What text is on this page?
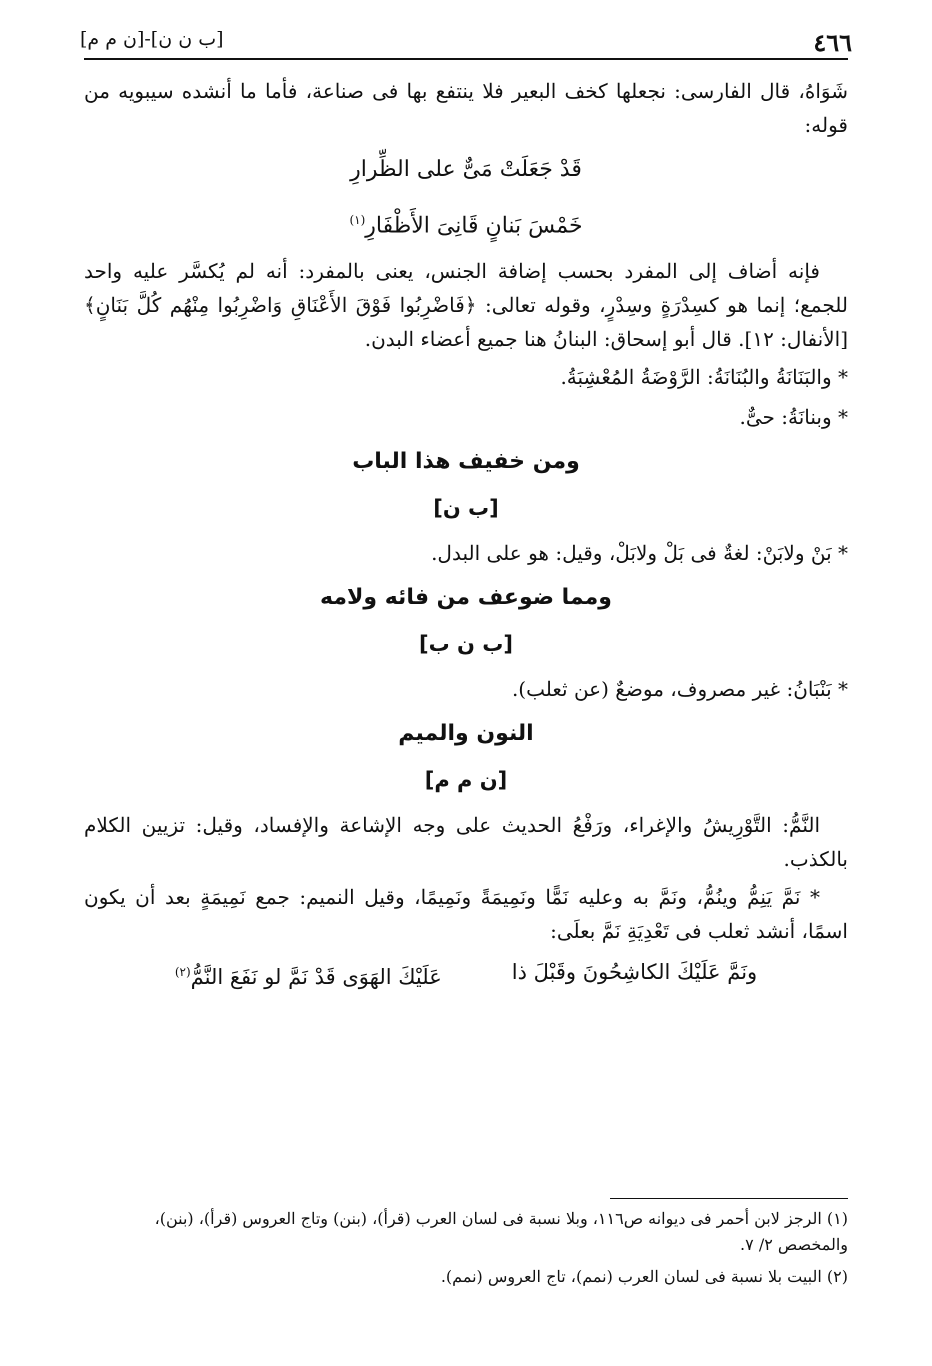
٤٦٦
[ب ن ن]-[ن م م]

شَوَاهُ، قال الفارسى: نجعلها كخف البعير فلا ينتفع بها فى صناعة، فأما ما أنشده سيبويه من قوله:

قَدْ جَعَلَتْ مَىٌّ على الظِّرارِ
خَمْسَ بَنانٍ قَانِىَ الأَظْفَارِ$^{(١)}$

فإنه أضاف إلى المفرد بحسب إضافة الجنس، يعنى بالمفرد: أنه لم يُكسَّر عليه واحد للجمع؛ إنما هو كسِدْرَةٍ وسِدْرٍ، وقوله تعالى: ﴿فَاضْرِبُوا فَوْقَ الأَعْنَاقِ وَاضْرِبُوا مِنْهُم كُلَّ بَنَانٍ﴾ [الأنفال: ١٢]. قال أبو إسحاق: البنانُ هنا جميع أعضاء البدن.

* والبَنَانَةُ والبُنَانَةُ: الرَّوْضَةُ المُعْشِبَةُ.

* وبنانَةُ: حىٌّ.

ومن خفيف هذا الباب
[ب ن]

* بَنْ ولابَنْ: لغةٌ فى بَلْ ولابَلْ، وقيل: هو على البدل.

ومما ضوعف من فائه ولامه
[ب ن ب]

* بَنْبَانُ: غير مصروف، موضعٌ (عن ثعلب).

النون والميم
[ن م م]

النَّمُّ: التَّوْرِيشُ والإغراء، ورَفْعُ الحديث على وجه الإشاعة والإفساد، وقيل: تزيين الكلام بالكذب.

* نَمَّ يَنِمُّ وينُمُّ، ونَمَّ به وعليه نَمًّا ونَمِيمَةً ونَمِيمًا، وقيل النميم: جمع نَمِيمَةٍ بعد أن يكون اسمًا، أنشد ثعلب فى تَعْدِيَةِ نَمَّ بعلَى:

ونَمَّ عَلَيْكَ الكاشِحُونَ وقَبْلَ ذا
عَلَيْكَ الهَوَى قَدْ نَمَّ لو نَفَعَ النَّمُّ$^{(٢)}$

(١) الرجز لابن أحمر فى ديوانه ص١١٦، وبلا نسبة فى لسان العرب (قرأ)، (بنن) وتاج العروس (قرأ)، (بنن)، والمخصص ٢/ ٧.

(٢) البيت بلا نسبة فى لسان العرب (نمم)، تاج العروس (نمم).
